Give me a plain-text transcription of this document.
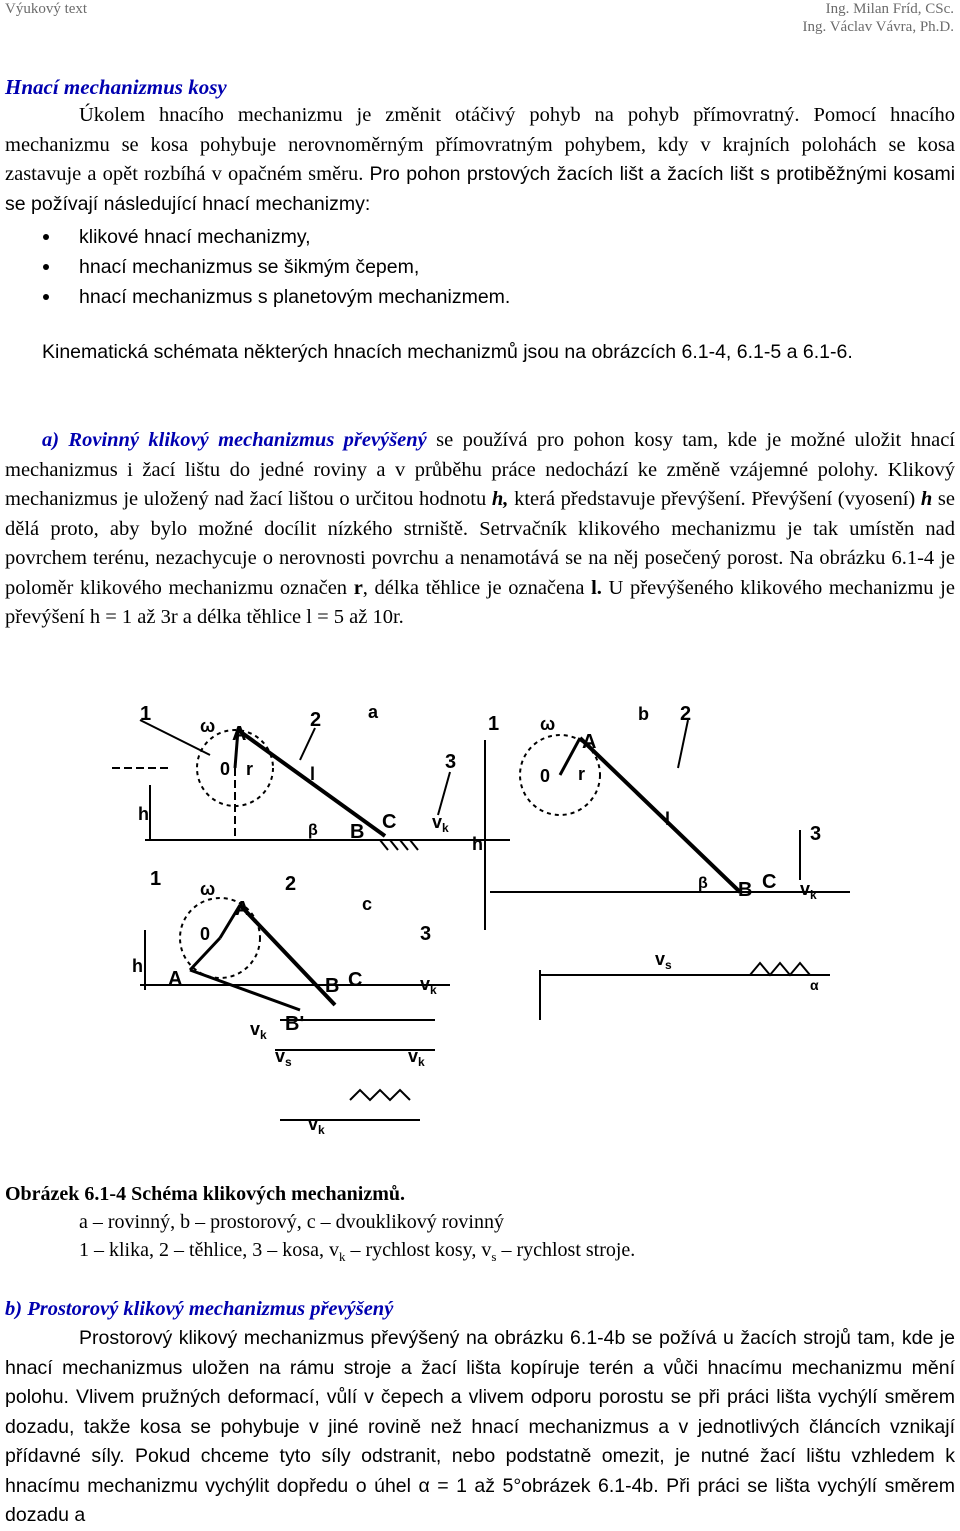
Výukový text	Ing. Milan Fríd, CSc.
Ing. Václav Vávra, Ph.D.
Hnací mechanizmus kosy
Úkolem hnacího mechanizmu je změnit otáčivý pohyb na pohyb přímovratný. Pomocí hnacího mechanizmu se kosa pohybuje nerovnoměrným přímovratným pohybem, kdy v krajních polohách se kosa zastavuje a opět rozbíhá v opačném směru. Pro pohon prstových žacích lišt a žacích lišt s protiběžnými kosami se požívají následující hnací mechanizmy:
klikové hnací mechanizmy,
hnací mechanizmus se šikmým čepem,
hnací mechanizmus s planetovým mechanizmem.
Kinematická schémata některých hnacích mechanizmů jsou na obrázcích 6.1-4, 6.1-5 a 6.1-6.
a) Rovinný klikový mechanizmus převýšený se používá pro pohon kosy tam, kde je možné uložit hnací mechanizmus i žací lištu do jedné roviny a v průběhu práce nedochází ke změně vzájemné polohy. Klikový mechanizmus je uložený nad žací lištou o určitou hodnotu h, která představuje převýšení. Převýšení (vyosení) h se dělá proto, aby bylo možné docílit nízkého strniště. Setrvačník klikového mechanizmu je tak umístěn nad povrchem terénu, nezachycuje o nerovnosti povrchu a nenamotává se na něj posečený porost. Na obrázku 6.1-4 je poloměr klikového mechanizmu označen r, délka těhlice je označena l. U převýšeného klikového mechanizmu je převýšení h = 1 až 3r a délka těhlice l = 5 až 10r.
1	2
3
a
A
B C
0 r	l
h
ω
β	$v_k$
1	2
3
b
A
B C
0 r
l
h
ω
β	$v_k$
$v_s$
α
1	2
3
c
A
A	B C
B'
0
h
ω
$v_k$
$v_k$
$v_k$
$v_k$
$v_s$
Obrázek 6.1-4 Schéma klikových mechanizmů.
a – rovinný, b – prostorový, c – dvouklikový rovinný
1 – klika, 2 – těhlice, 3 – kosa, $v_k$ – rychlost kosy, $v_s$ – rychlost stroje.
b) Prostorový klikový mechanizmus převýšený
Prostorový klikový mechanizmus převýšený na obrázku 6.1-4b se požívá u žacích strojů tam, kde je hnací mechanizmus uložen na rámu stroje a žací lišta kopíruje terén a vůči hnacímu mechanizmu mění polohu. Vlivem pružných deformací, vůlí v čepech a vlivem odporu porostu se při práci lišta vychýlí směrem dozadu, takže kosa se pohybuje v jiné rovině než hnací mechanizmus a v jednotlivých článcích vznikají přídavné síly. Pokud chceme tyto síly odstranit, nebo podstatně omezit, je nutné žací lištu vzhledem k hnacímu mechanizmu vychýlit dopředu o úhel α = 1 až 5°obrázek 6.1-4b. Při práci se lišta vychýlí směrem dozadu a
